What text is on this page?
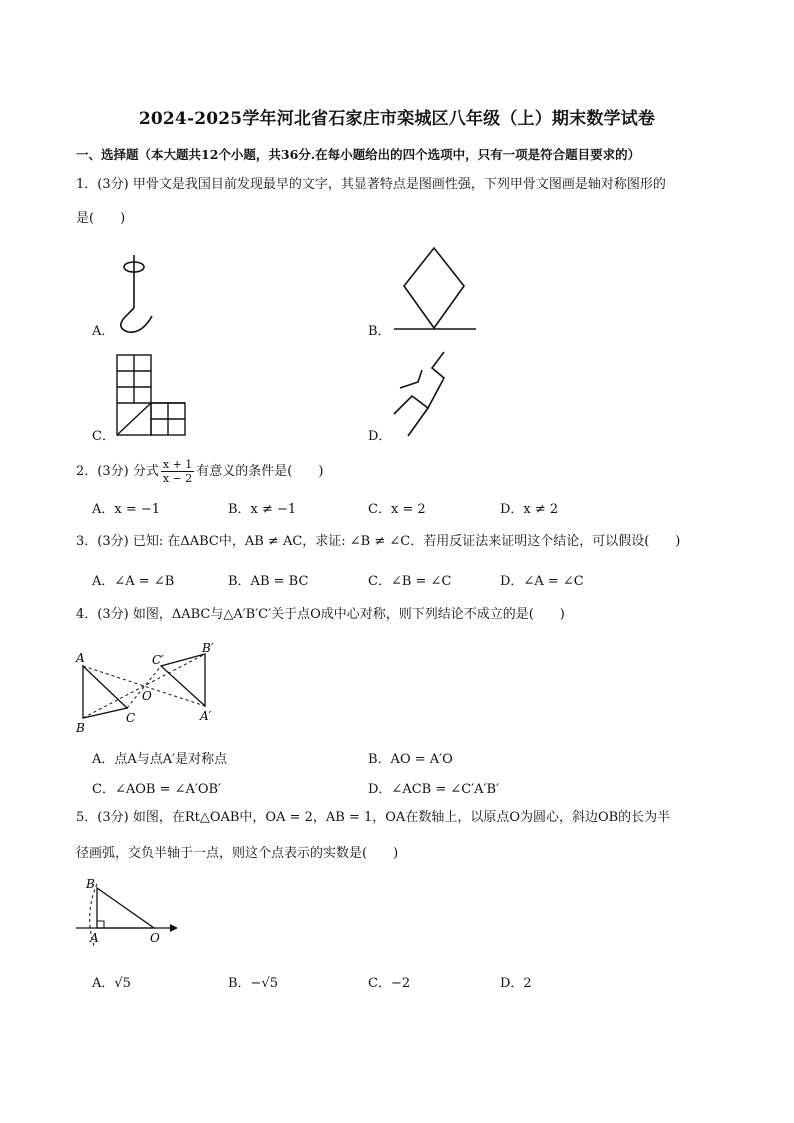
2024-2025学年河北省石家庄市栾城区八年级（上）期末数学试卷
一、选择题（本大题共12个小题，共36分.在每小题给出的四个选项中，只有一项是符合题目要求的）
1．(3分) 甲骨文是我国目前发现最早的文字，其显著特点是图画性强，下列甲骨文图画是轴对称图形的
是(　　)
A．	B．
C．	D．
2．(3分) 分式 $\frac{x + 1}{x - 2}$ 有意义的条件是(　　)
A．x = −1	B．x ≠ −1	C．x = 2	D．x ≠ 2
3．(3分) 已知: 在ΔABC中，AB ≠ AC，求证: ∠B ≠ ∠C．若用反证法来证明这个结论，可以假设(　　)
A．∠A = ∠B	B．AB = BC	C．∠B = ∠C	D．∠A = ∠C
4．(3分) 如图，ΔABC与△A′B′C′关于点O成中心对称，则下列结论不成立的是(　　)
A
B
C
O
B′
C′
A′
A．点A与点A′是对称点	B．AO = A′O
C．∠AOB = ∠A′OB′	D．∠ACB = ∠C′A′B′
5．(3分) 如图，在Rt△OAB中，OA = 2，AB = 1，OA在数轴上，以原点O为圆心，斜边OB的长为半
径画弧，交负半轴于一点，则这个点表示的实数是(　　)
B
A	O
A．√5	B．−√5	C．−2	D．2
